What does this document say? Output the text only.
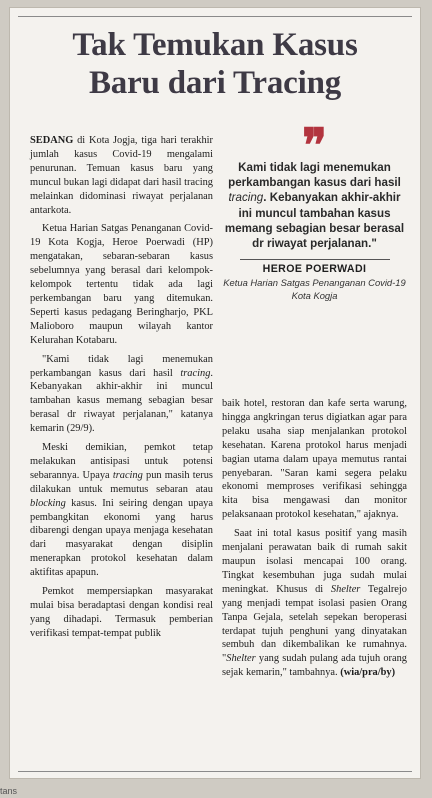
Tak Temukan Kasus
Baru dari Tracing

SEDANG di Kota Jogja, tiga hari terakhir jumlah kasus Covid-19 mengalami penurunan. Temuan kasus baru yang muncul bukan lagi didapat dari hasil tracing melainkan didominasi riwayat perjalanan antarkota.

Ketua Harian Satgas Penanganan Covid-19 Kota Kogja, Heroe Poerwadi (HP) mengatakan, sebaran-sebaran kasus sebelumnya yang berasal dari kelompok-kelompok tertentu tidak ada lagi perkembangan baru yang ditemukan. Seperti kasus pedagang Beringharjo, PKL Malioboro maupun wilayah kantor Kelurahan Kotabaru.

"Kami tidak lagi menemukan perkambangan kasus dari hasil tracing. Kebanyakan akhir-akhir ini muncul tambahan kasus memang sebagian besar berasal dr riwayat perjalanan," katanya kemarin (29/9).

Meski demikian, pemkot tetap melakukan antisipasi untuk potensi sebarannya. Upaya tracing pun masih terus dilakukan untuk memutus sebaran atau blocking kasus. Ini seiring dengan upaya pembangkitan ekonomi yang harus dibarengi dengan upaya menjaga kesehatan dari masyarakat dengan disiplin menerapkan protokol kesehatan dalam aktifitas apapun.

Pemkot mempersiapkan masyarakat mulai bisa beradaptasi dengan kondisi real yang dihadapi. Termasuk pemberian verifikasi tempat-tempat publik

❞
Kami tidak lagi menemukan perkambangan kasus dari hasil tracing. Kebanyakan akhir-akhir ini muncul tambahan kasus memang sebagian besar berasal dr riwayat perjalanan."
HEROE POERWADI
Ketua Harian Satgas Penanganan Covid-19 Kota Kogja

baik hotel, restoran dan kafe serta warung, hingga angkringan terus digiatkan agar para pelaku usaha siap menjalankan protokol kesehatan. Karena protokol harus menjadi bagian utama dalam upaya memutus rantai penyebaran. "Saran kami segera pelaku ekonomi memproses verifikasi sehingga kita bisa mengawasi dan monitor pelaksanaan protokol kesehatan," ajaknya.

Saat ini total kasus positif yang masih menjalani perawatan baik di rumah sakit maupun isolasi mencapai 100 orang. Tingkat kesembuhan juga sudah mulai meningkat. Khusus di Shelter Tegalrejo yang menjadi tempat isolasi pasien Orang Tanpa Gejala, setelah sepekan beroperasi terdapat tujuh penghuni yang dinyatakan sembuh dan dikembalikan ke rumahnya. "Shelter yang sudah pulang ada tujuh orang sejak kemarin," tambahnya. (wia/pra/by)

tans
